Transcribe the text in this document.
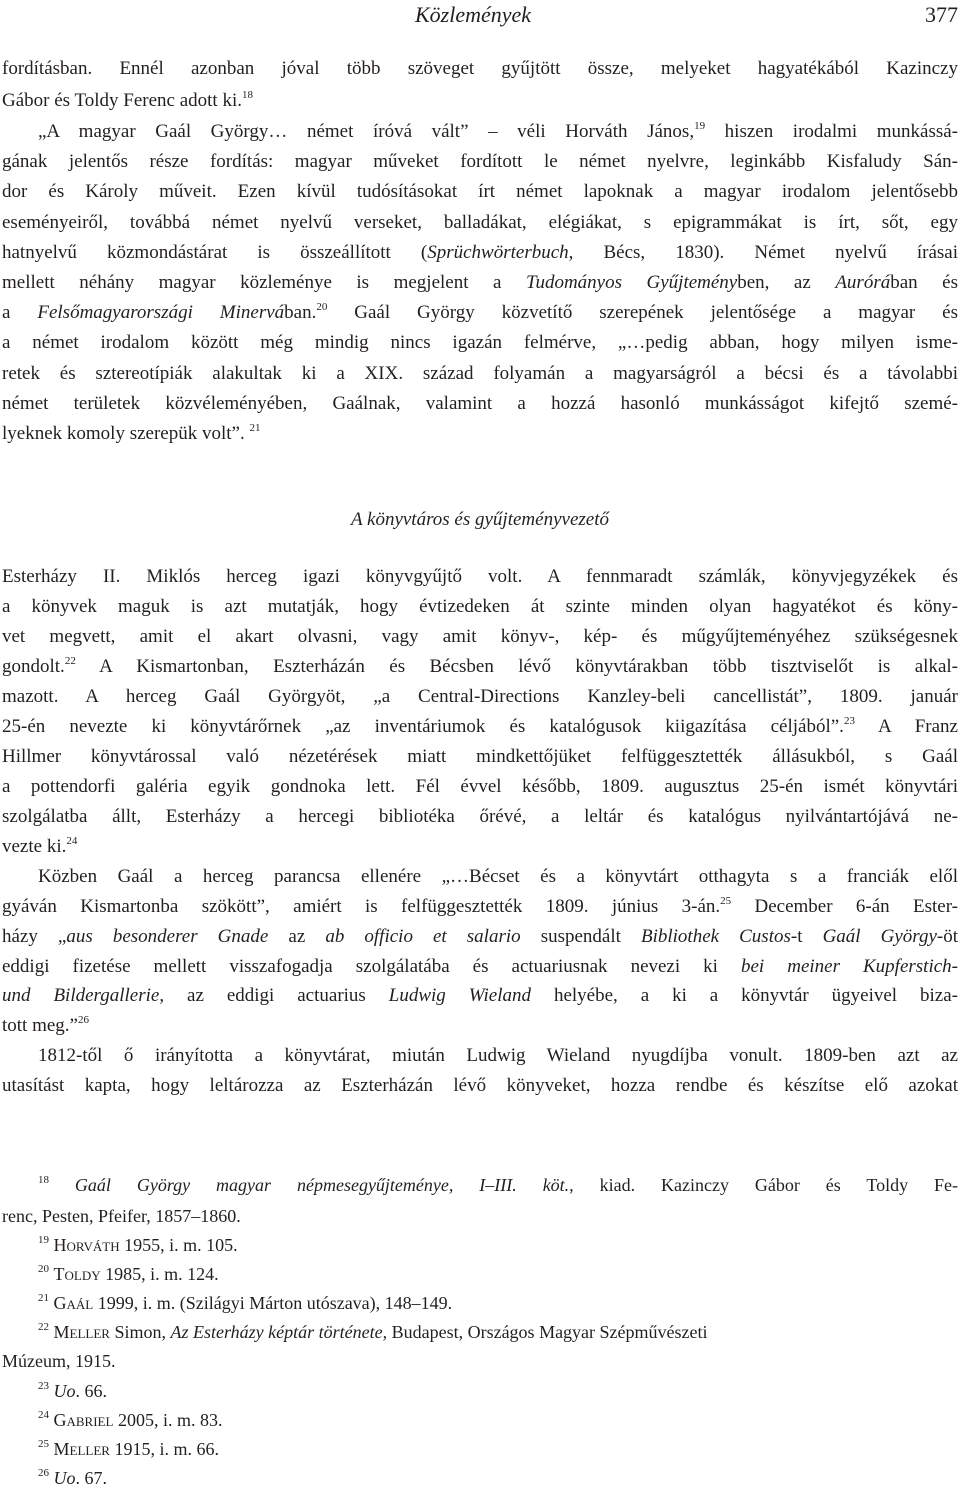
Közlemények	377
fordításban. Ennél azonban jóval több szöveget gyűjtött össze, melyeket hagyatékából Kazinczy
Gábor és Toldy Ferenc adott ki.$^{18}$
„A magyar Gaál György… német íróvá vált” – véli Horváth János,$^{19}$ hiszen irodalmi munkássá-
gának jelentős része fordítás: magyar műveket fordított le német nyelvre, leginkább Kisfaludy Sán-
dor és Károly műveit. Ezen kívül tudósításokat írt német lapoknak a magyar irodalom jelentősebb
eseményeiről, továbbá német nyelvű verseket, balladákat, elégiákat, s epigrammákat is írt, sőt, egy
hatnyelvű közmondástárat is összeállított (Sprüchwörterbuch, Bécs, 1830). Német nyelvű írásai
mellett néhány magyar közleménye is megjelent a Tudományos Gyűjteményben, az Aurórában és
a Felsőmagyarországi Minervában.$^{20}$ Gaál György közvetítő szerepének jelentősége a magyar és
a német irodalom között még mindig nincs igazán felmérve, „…pedig abban, hogy milyen isme-
retek és sztereotípiák alakultak ki a XIX. század folyamán a magyarságról a bécsi és a távolabbi
német területek közvéleményében, Gaálnak, valamint a hozzá hasonló munkásságot kifejtő szemé-
lyeknek komoly szerepük volt”. $^{21}$
A könyvtáros és gyűjteményvezető
Esterházy II. Miklós herceg igazi könyvgyűjtő volt. A fennmaradt számlák, könyvjegyzékek és
a könyvek maguk is azt mutatják, hogy évtizedeken át szinte minden olyan hagyatékot és köny-
vet megvett, amit el akart olvasni, vagy amit könyv-, kép- és műgyűjteményéhez szükségesnek
gondolt.$^{22}$ A Kismartonban, Eszterházán és Bécsben lévő könyvtárakban több tisztviselőt is alkal-
mazott. A herceg Gaál Györgyöt, „a Central-Directions Kanzley-beli cancellistát”, 1809. január
25-én nevezte ki könyvtárőrnek „az inventáriumok és katalógusok kiigazítása céljából”.$^{23}$ A Franz
Hillmer könyvtárossal való nézetérések miatt mindkettőjüket felfüggesztették állásukból, s Gaál
a pottendorfi galéria egyik gondnoka lett. Fél évvel később, 1809. augusztus 25-én ismét könyvtári
szolgálatba állt, Esterházy a hercegi bibliotéka őrévé, a leltár és katalógus nyilvántartójává ne-
vezte ki.$^{24}$
Közben Gaál a herceg parancsa ellenére „…Bécset és a könyvtárt otthagyta s a franciák elől
gyáván Kismartonba szökött”, amiért is felfüggesztették 1809. június 3-án.$^{25}$ December 6-án Ester-
házy „aus besonderer Gnade az ab officio et salario suspendált Bibliothek Custos-t Gaál György-öt
eddigi fizetése mellett visszafogadja szolgálatába és actuariusnak nevezi ki bei meiner Kupferstich-
und Bildergallerie, az eddigi actuarius Ludwig Wieland helyébe, a ki a könyvtár ügyeivel biza-
tott meg.”$^{26}$
1812-től ő irányította a könyvtárat, miután Ludwig Wieland nyugdíjba vonult. 1809-ben azt az
utasítást kapta, hogy leltározza az Eszterházán lévő könyveket, hozza rendbe és készítse elő azokat
$^{18}$ Gaál György magyar népmesegyűjteménye, I–III. köt., kiad. Kazinczy Gábor és Toldy Fe-
renc, Pesten, Pfeifer, 1857–1860.
$^{19}$ Horváth 1955, i. m. 105.
$^{20}$ Toldy 1985, i. m. 124.
$^{21}$ Gaál 1999, i. m. (Szilágyi Márton utószava), 148–149.
$^{22}$ Meller Simon, Az Esterházy képtár története, Budapest, Országos Magyar Szépművészeti
Múzeum, 1915.
$^{23}$ Uo. 66.
$^{24}$ Gabriel 2005, i. m. 83.
$^{25}$ Meller 1915, i. m. 66.
$^{26}$ Uo. 67.
